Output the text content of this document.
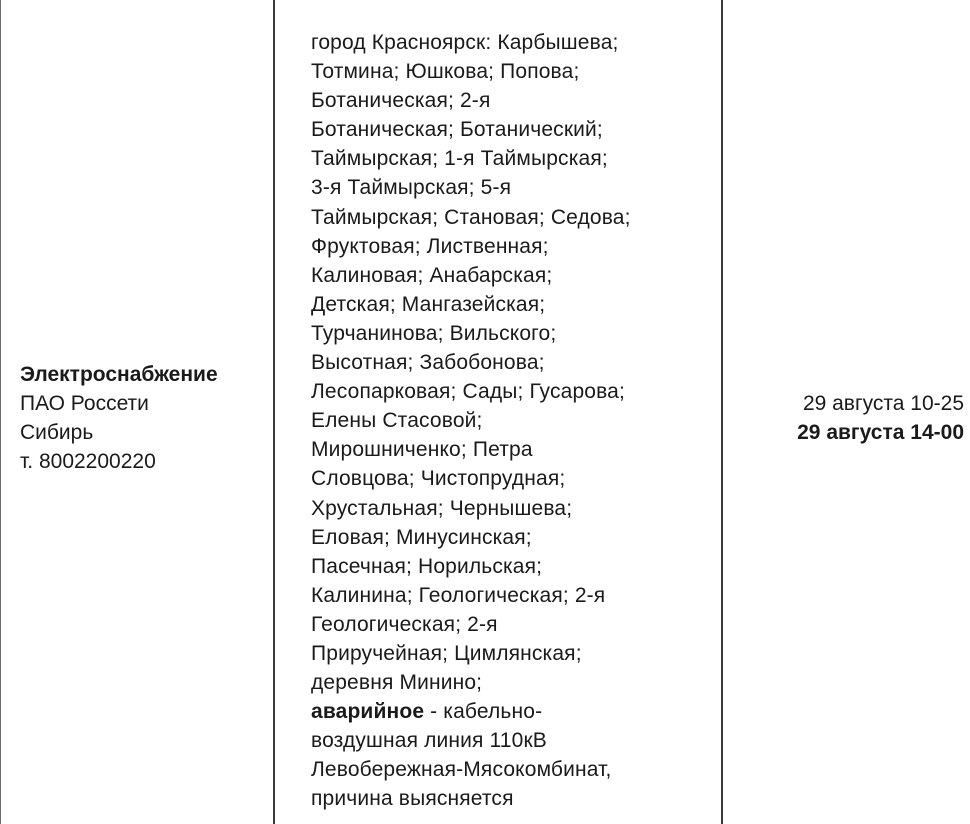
Электроснабжение
ПАО Россети
Сибирь
т. 8002200220
город Красноярск: Карбышева;
Тотмина; Юшкова; Попова;
Ботаническая; 2-я
Ботаническая; Ботанический;
Таймырская; 1-я Таймырская;
3-я Таймырская; 5-я
Таймырская; Становая; Седова;
Фруктовая; Лиственная;
Калиновая; Анабарская;
Детская; Мангазейская;
Турчанинова; Вильского;
Высотная; Забобонова;
Лесопарковая; Сады; Гусарова;
Елены Стасовой;
Мирошниченко; Петра
Словцова; Чистопрудная;
Хрустальная; Чернышева;
Еловая; Минусинская;
Пасечная; Норильская;
Калинина; Геологическая; 2-я
Геологическая; 2-я
Приручейная; Цимлянская;
деревня Минино;
аварийное - кабельно-
воздушная линия 110кВ
Левобережная-Мясокомбинат,
причина выясняется
29 августа 10-25
29 августа 14-00
